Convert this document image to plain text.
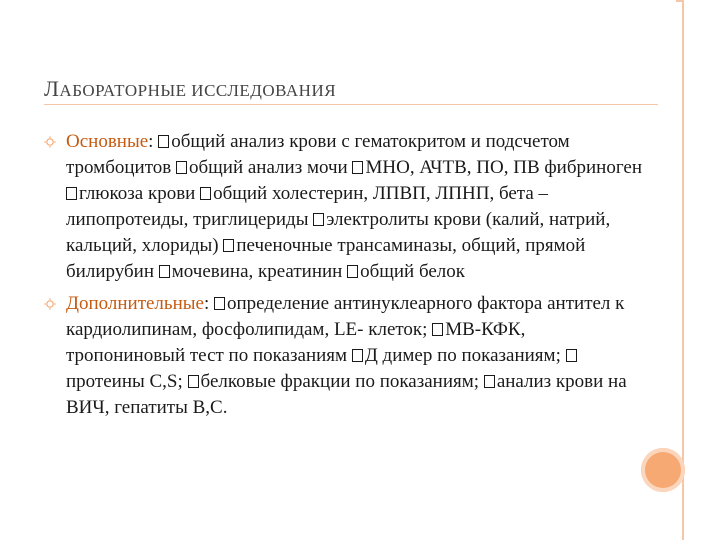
ЛАБОРАТОРНЫЕ ИССЛЕДОВАНИЯ
Основные: общий анализ крови с гематокритом и подсчетом тромбоцитов общий анализ мочи МНО, АЧТВ, ПО, ПВ фибриноген глюкоза крови общий холестерин, ЛПВП, ЛПНП, бета – липопротеиды, триглицериды электролиты крови (калий, натрий, кальций, хлориды) печеночные трансаминазы, общий, прямой билирубин мочевина, креатинин общий белок
Дополнительные: определение антинуклеарного фактора антител к кардиолипинам, фосфолипидам, LE- клеток; МВ-КФК, тропониновый тест по показаниям Д димер по показаниям; протеины C,S; белковые фракции по показаниям; анализ крови на ВИЧ, гепатиты В,С.
